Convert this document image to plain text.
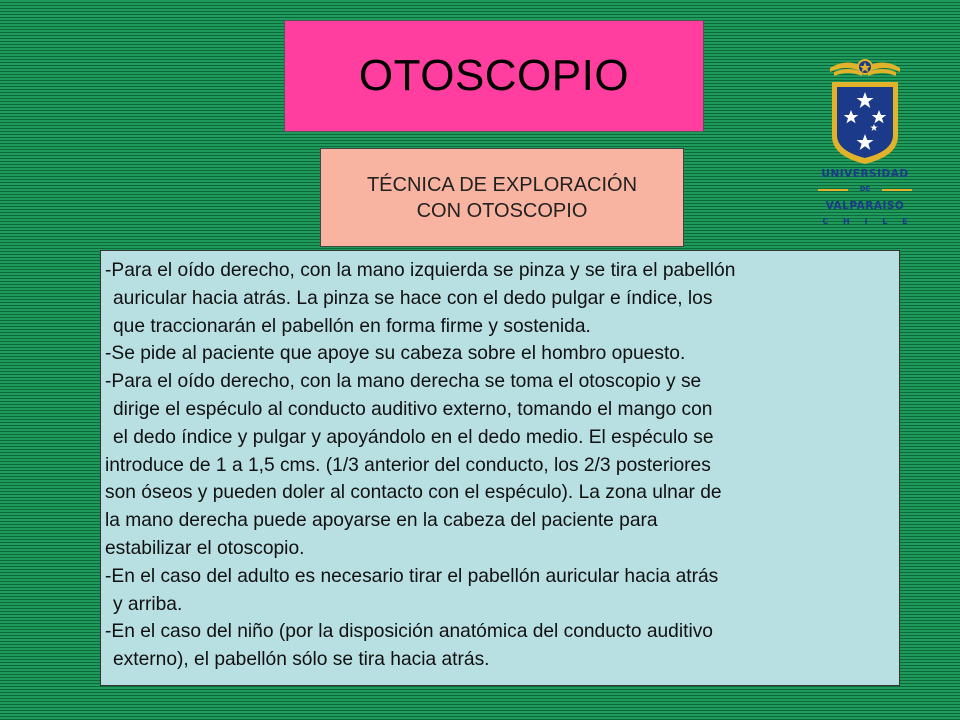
OTOSCOPIO
TÉCNICA DE EXPLORACIÓN
CON OTOSCOPIO
UNIVERSIDAD
DE
VALPARAISO
C H I L E
-Para el oído derecho, con la mano izquierda se pinza y se tira el pabellón
auricular hacia atrás. La pinza se hace con el dedo pulgar e índice, los
que traccionarán el pabellón en forma firme y sostenida.
-Se pide al paciente que apoye su cabeza sobre el hombro opuesto.
-Para el oído derecho, con la mano derecha se toma el otoscopio y se
dirige el espéculo al conducto auditivo externo, tomando el mango con
el dedo índice y pulgar y apoyándolo en el dedo medio. El espéculo se
introduce de 1 a 1,5 cms. (1/3 anterior del conducto, los 2/3 posteriores
son óseos y pueden doler al contacto con el espéculo). La zona ulnar de
la mano derecha puede apoyarse en la cabeza del paciente para
estabilizar el otoscopio.
-En el caso del adulto es necesario tirar el pabellón auricular hacia atrás
y arriba.
-En el caso del niño (por la disposición anatómica del conducto auditivo
externo), el pabellón sólo se tira hacia atrás.
